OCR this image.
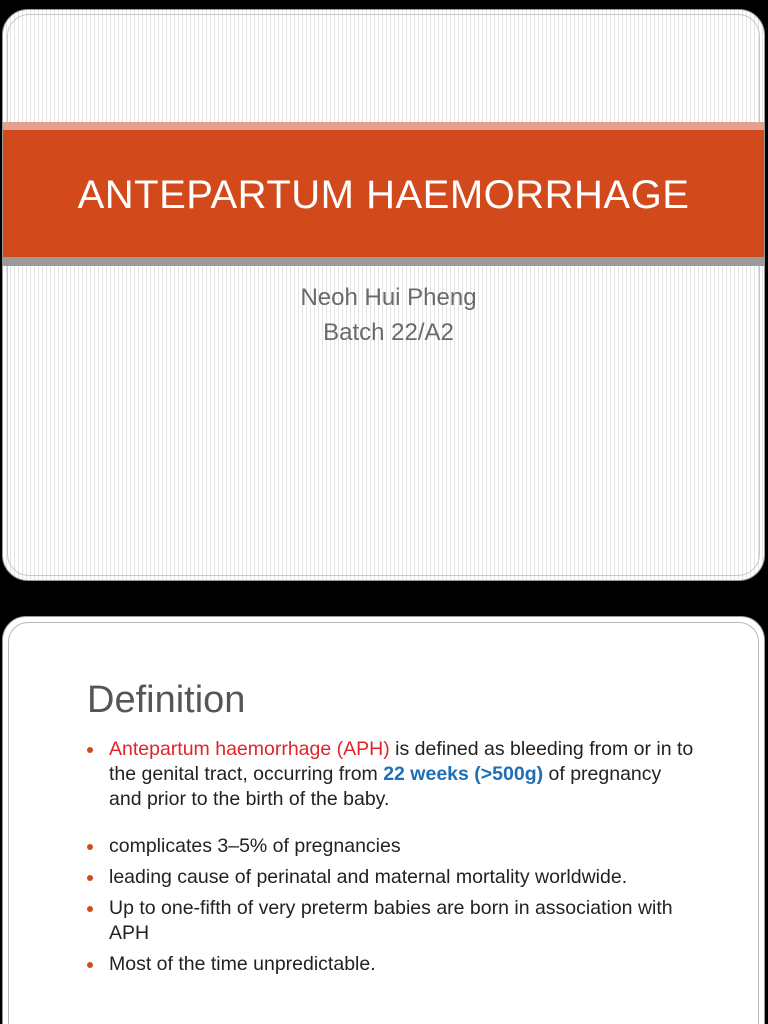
ANTEPARTUM HAEMORRHAGE
Neoh Hui Pheng
Batch 22/A2
Definition
Antepartum haemorrhage (APH) is defined as bleeding from or in to the genital tract, occurring from 22 weeks (>500g) of pregnancy and prior to the birth of the baby.
complicates 3–5% of pregnancies
leading cause of perinatal and maternal mortality worldwide.
Up to one-fifth of very preterm babies are born in association with APH
Most of the time unpredictable.
